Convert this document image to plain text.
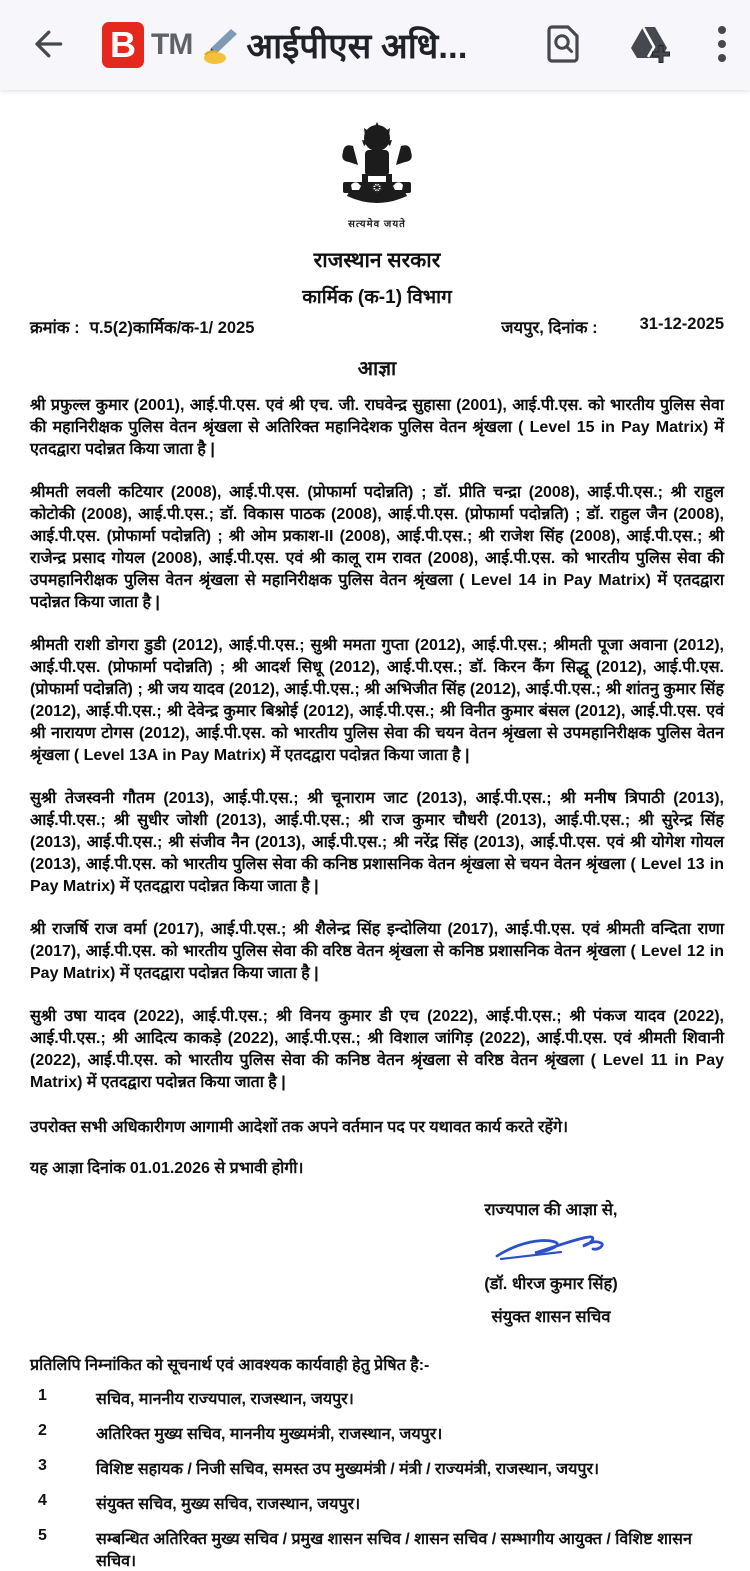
B TM आईपीएस अधि...
सत्यमेव जयते
राजस्थान सरकार
कार्मिक (क-1) विभाग
क्रमांक : प.5(2)कार्मिक/क-1/ 2025	जयपुर, दिनांक :	31-12-2025
आज्ञा

श्री प्रफुल्ल कुमार (2001), आई.पी.एस. एवं श्री एच. जी. राघवेन्द्र सुहासा (2001), आई.पी.एस. को भारतीय पुलिस सेवा की महानिरीक्षक पुलिस वेतन श्रृंखला से अतिरिक्त महानिदेशक पुलिस वेतन श्रृंखला ( Level 15 in Pay Matrix) में एतदद्वारा पदोन्नत किया जाता है |

श्रीमती लवली कटियार (2008), आई.पी.एस. (प्रोफार्मा पदोन्नति) ; डॉ. प्रीति चन्द्रा (2008), आई.पी.एस.; श्री राहुल कोटोकी (2008), आई.पी.एस.; डॉ. विकास पाठक (2008), आई.पी.एस. (प्रोफार्मा पदोन्नति) ; डॉ. राहुल जैन (2008), आई.पी.एस. (प्रोफार्मा पदोन्नति) ; श्री ओम प्रकाश-II (2008), आई.पी.एस.; श्री राजेश सिंह (2008), आई.पी.एस.; श्री राजेन्द्र प्रसाद गोयल (2008), आई.पी.एस. एवं श्री कालू राम रावत (2008), आई.पी.एस. को भारतीय पुलिस सेवा की उपमहानिरीक्षक पुलिस वेतन श्रृंखला से महानिरीक्षक पुलिस वेतन श्रृंखला ( Level 14 in Pay Matrix) में एतदद्वारा पदोन्नत किया जाता है |

श्रीमती राशी डोगरा डुडी (2012), आई.पी.एस.; सुश्री ममता गुप्ता (2012), आई.पी.एस.; श्रीमती पूजा अवाना (2012), आई.पी.एस. (प्रोफार्मा पदोन्नति) ; श्री आदर्श सिधू (2012), आई.पी.एस.; डॉ. किरन कैंग सिद्धू (2012), आई.पी.एस. (प्रोफार्मा पदोन्नति) ; श्री जय यादव (2012), आई.पी.एस.; श्री अभिजीत सिंह (2012), आई.पी.एस.; श्री शांतनु कुमार सिंह (2012), आई.पी.एस.; श्री देवेन्द्र कुमार बिश्नोई (2012), आई.पी.एस.; श्री विनीत कुमार बंसल (2012), आई.पी.एस. एवं श्री नारायण टोगस (2012), आई.पी.एस. को भारतीय पुलिस सेवा की चयन वेतन श्रृंखला से उपमहानिरीक्षक पुलिस वेतन श्रृंखला ( Level 13A in Pay Matrix) में एतदद्वारा पदोन्नत किया जाता है |

सुश्री तेजस्वनी गौतम (2013), आई.पी.एस.; श्री चूनाराम जाट (2013), आई.पी.एस.; श्री मनीष त्रिपाठी (2013), आई.पी.एस.; श्री सुधीर जोशी (2013), आई.पी.एस.; श्री राज कुमार चौधरी (2013), आई.पी.एस.; श्री सुरेन्द्र सिंह (2013), आई.पी.एस.; श्री संजीव नैन (2013), आई.पी.एस.; श्री नरेंद्र सिंह (2013), आई.पी.एस. एवं श्री योगेश गोयल (2013), आई.पी.एस. को भारतीय पुलिस सेवा की कनिष्ठ प्रशासनिक वेतन श्रृंखला से चयन वेतन श्रृंखला ( Level 13 in Pay Matrix) में एतदद्वारा पदोन्नत किया जाता है |

श्री राजर्षि राज वर्मा (2017), आई.पी.एस.; श्री शैलेन्द्र सिंह इन्दोलिया (2017), आई.पी.एस. एवं श्रीमती वन्दिता राणा (2017), आई.पी.एस. को भारतीय पुलिस सेवा की वरिष्ठ वेतन श्रृंखला से कनिष्ठ प्रशासनिक वेतन श्रृंखला ( Level 12 in Pay Matrix) में एतदद्वारा पदोन्नत किया जाता है |

सुश्री उषा यादव (2022), आई.पी.एस.; श्री विनय कुमार डी एच (2022), आई.पी.एस.; श्री पंकज यादव (2022), आई.पी.एस.; श्री आदित्य काकड़े (2022), आई.पी.एस.; श्री विशाल जांगिड़ (2022), आई.पी.एस. एवं श्रीमती शिवानी (2022), आई.पी.एस. को भारतीय पुलिस सेवा की कनिष्ठ वेतन श्रृंखला से वरिष्ठ वेतन श्रृंखला ( Level 11 in Pay Matrix) में एतदद्वारा पदोन्नत किया जाता है |

उपरोक्त सभी अधिकारीगण आगामी आदेशों तक अपने वर्तमान पद पर यथावत कार्य करते रहेंगे।

यह आज्ञा दिनांक 01.01.2026 से प्रभावी होगी।

राज्यपाल की आज्ञा से,
(डॉ. धीरज कुमार सिंह)
संयुक्त शासन सचिव
प्रतिलिपि निम्नांकित को सूचनार्थ एवं आवश्यक कार्यवाही हेतु प्रेषित है:-
1	सचिव, माननीय राज्यपाल, राजस्थान, जयपुर।
2	अतिरिक्त मुख्य सचिव, माननीय मुख्यमंत्री, राजस्थान, जयपुर।
3	विशिष्ट सहायक / निजी सचिव, समस्त उप मुख्यमंत्री / मंत्री / राज्यमंत्री, राजस्थान, जयपुर।
4	संयुक्त सचिव, मुख्य सचिव, राजस्थान, जयपुर।
5	सम्बन्धित अतिरिक्त मुख्य सचिव / प्रमुख शासन सचिव / शासन सचिव / सम्भागीय आयुक्त / विशिष्ट शासन सचिव।
